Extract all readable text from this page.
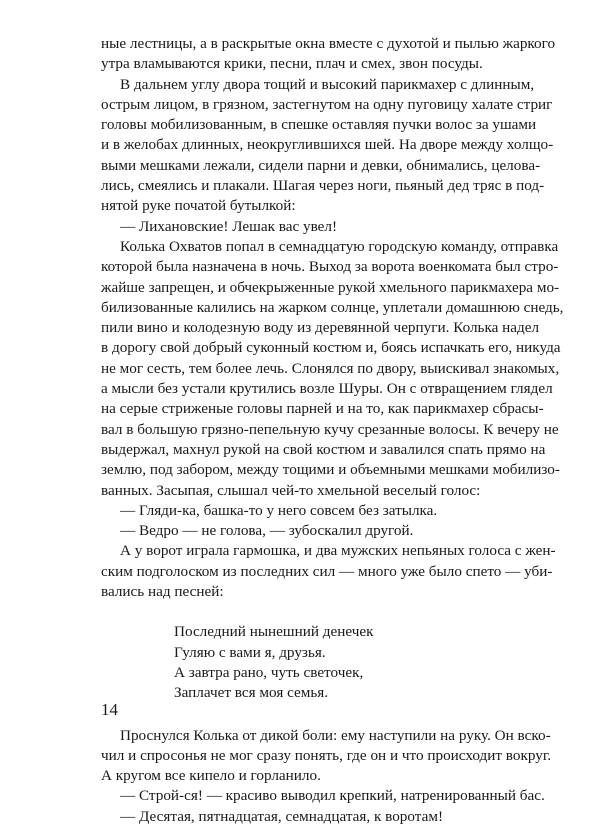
ные лестницы, а в раскрытые окна вместе с духотой и пылью жаркого
утра вламываются крики, песни, плач и смех, звон посуды.
В дальнем углу двора тощий и высокий парикмахер с длинным,
острым лицом, в грязном, застегнутом на одну пуговицу халате стриг
головы мобилизованным, в спешке оставляя пучки волос за ушами
и в желобах длинных, неокруглившихся шей. На дворе между холщо-
выми мешками лежали, сидели парни и девки, обнимались, целова-
лись, смеялись и плакали. Шагая через ноги, пьяный дед тряс в под-
нятой руке початой бутылкой:
— Лихановские! Лешак вас увел!
Колька Охватов попал в семнадцатую городскую команду, отправка
которой была назначена в ночь. Выход за ворота военкомата был стро-
жайше запрещен, и обчекрыженные рукой хмельного парикмахера мо-
билизованные калились на жарком солнце, уплетали домашнюю снедь,
пили вино и колодезную воду из деревянной черпуги. Колька надел
в дорогу свой добрый суконный костюм и, боясь испачкать его, никуда
не мог сесть, тем более лечь. Слонялся по двору, выискивал знакомых,
а мысли без устали крутились возле Шуры. Он с отвращением глядел
на серые стриженые головы парней и на то, как парикмахер сбрасы-
вал в большую грязно-пепельную кучу срезанные волосы. К вечеру не
выдержал, махнул рукой на свой костюм и завалился спать прямо на
землю, под забором, между тощими и объемными мешками мобилизо-
ванных. Засыпая, слышал чей-то хмельной веселый голос:
— Гляди-ка, башка-то у него совсем без затылка.
— Ведро — не голова, — зубоскалил другой.
А у ворот играла гармошка, и два мужских непьяных голоса с жен-
ским подголоском из последних сил — много уже было спето — уби-
вались над песней:
Последний нынешний денечек
Гуляю с вами я, друзья.
А завтра рано, чуть светочек,
Заплачет вся моя семья.
Проснулся Колька от дикой боли: ему наступили на руку. Он вско-
чил и спросонья не мог сразу понять, где он и что происходит вокруг.
А кругом все кипело и горланило.
— Строй-ся! — красиво выводил крепкий, натренированный бас.
— Десятая, пятнадцатая, семнадцатая, к воротам!
14
